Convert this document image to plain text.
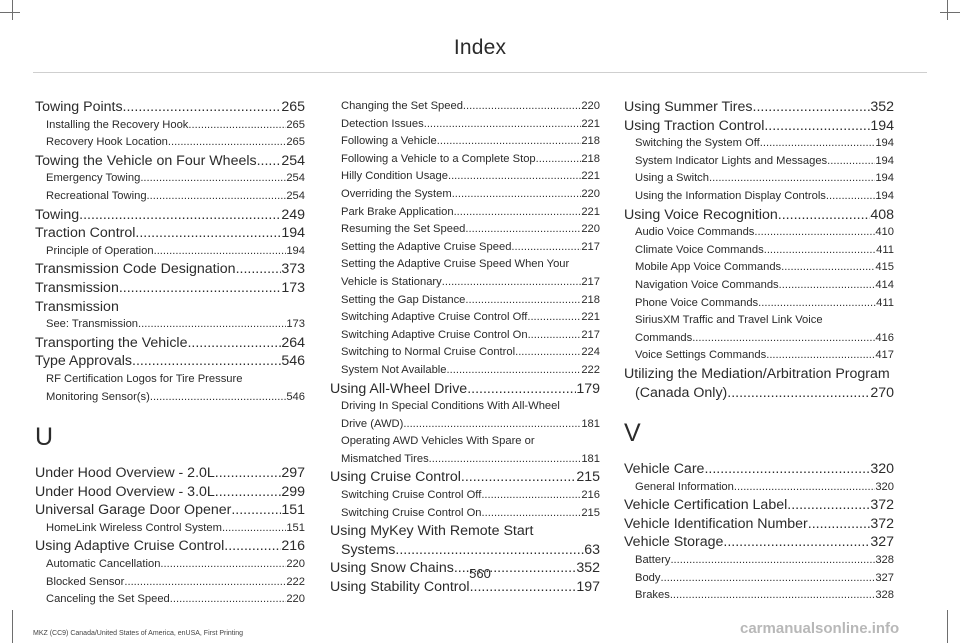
Index
Towing Points .....	265
Installing the Recovery Hook .....	265
Recovery Hook Location .....	265
Towing the Vehicle on Four Wheels ..... 254
Emergency Towing .....	254
Recreational Towing .....	254
Towing .....	249
Traction Control .....	194
Principle of Operation .....	194
Transmission Code Designation .....	373
Transmission .....	173
Transmission
See: Transmission .....	173
Transporting the Vehicle .....	264
Type Approvals .....	546
RF Certification Logos for Tire Pressure
Monitoring Sensor(s) .....	546
U
Under Hood Overview - 2.0L .....	297
Under Hood Overview - 3.0L .....	299
Universal Garage Door Opener .....	151
HomeLink Wireless Control System .....	151
Using Adaptive Cruise Control .....	216
Automatic Cancellation .....	220
Blocked Sensor .....	222
Canceling the Set Speed .....	220
Changing the Set Speed .....	220
Detection Issues .....	221
Following a Vehicle .....	218
Following a Vehicle to a Complete Stop .....	218
Hilly Condition Usage .....	221
Overriding the System .....	220
Park Brake Application .....	221
Resuming the Set Speed .....	220
Setting the Adaptive Cruise Speed .....	217
Setting the Adaptive Cruise Speed When Your
Vehicle is Stationary .....	217
Setting the Gap Distance .....	218
Switching Adaptive Cruise Control Off .....	221
Switching Adaptive Cruise Control On .....	217
Switching to Normal Cruise Control .....	224
System Not Available .....	222
Using All-Wheel Drive .....	179
Driving In Special Conditions With All-Wheel
Drive (AWD) .....	181
Operating AWD Vehicles With Spare or
Mismatched Tires .....	181
Using Cruise Control .....	215
Switching Cruise Control Off .....	216
Switching Cruise Control On .....	215
Using MyKey With Remote Start
Systems .....	63
Using Snow Chains .....	352
Using Stability Control .....	197
Using Summer Tires .....	352
Using Traction Control .....	194
Switching the System Off .....	194
System Indicator Lights and Messages .....	194
Using a Switch .....	194
Using the Information Display Controls .....	194
Using Voice Recognition .....	408
Audio Voice Commands .....	410
Climate Voice Commands .....	411
Mobile App Voice Commands .....	415
Navigation Voice Commands .....	414
Phone Voice Commands .....	411
SiriusXM Traffic and Travel Link Voice
Commands .....	416
Voice Settings Commands .....	417
Utilizing the Mediation/Arbitration Program
(Canada Only) .....	270
V
Vehicle Care .....	320
General Information .....	320
Vehicle Certification Label .....	372
Vehicle Identification Number .....	372
Vehicle Storage .....	327
Battery .....	328
Body .....	327
Brakes .....	328
560
MKZ (CC9) Canada/United States of America, enUSA, First Printing	carmanualsonline.info
